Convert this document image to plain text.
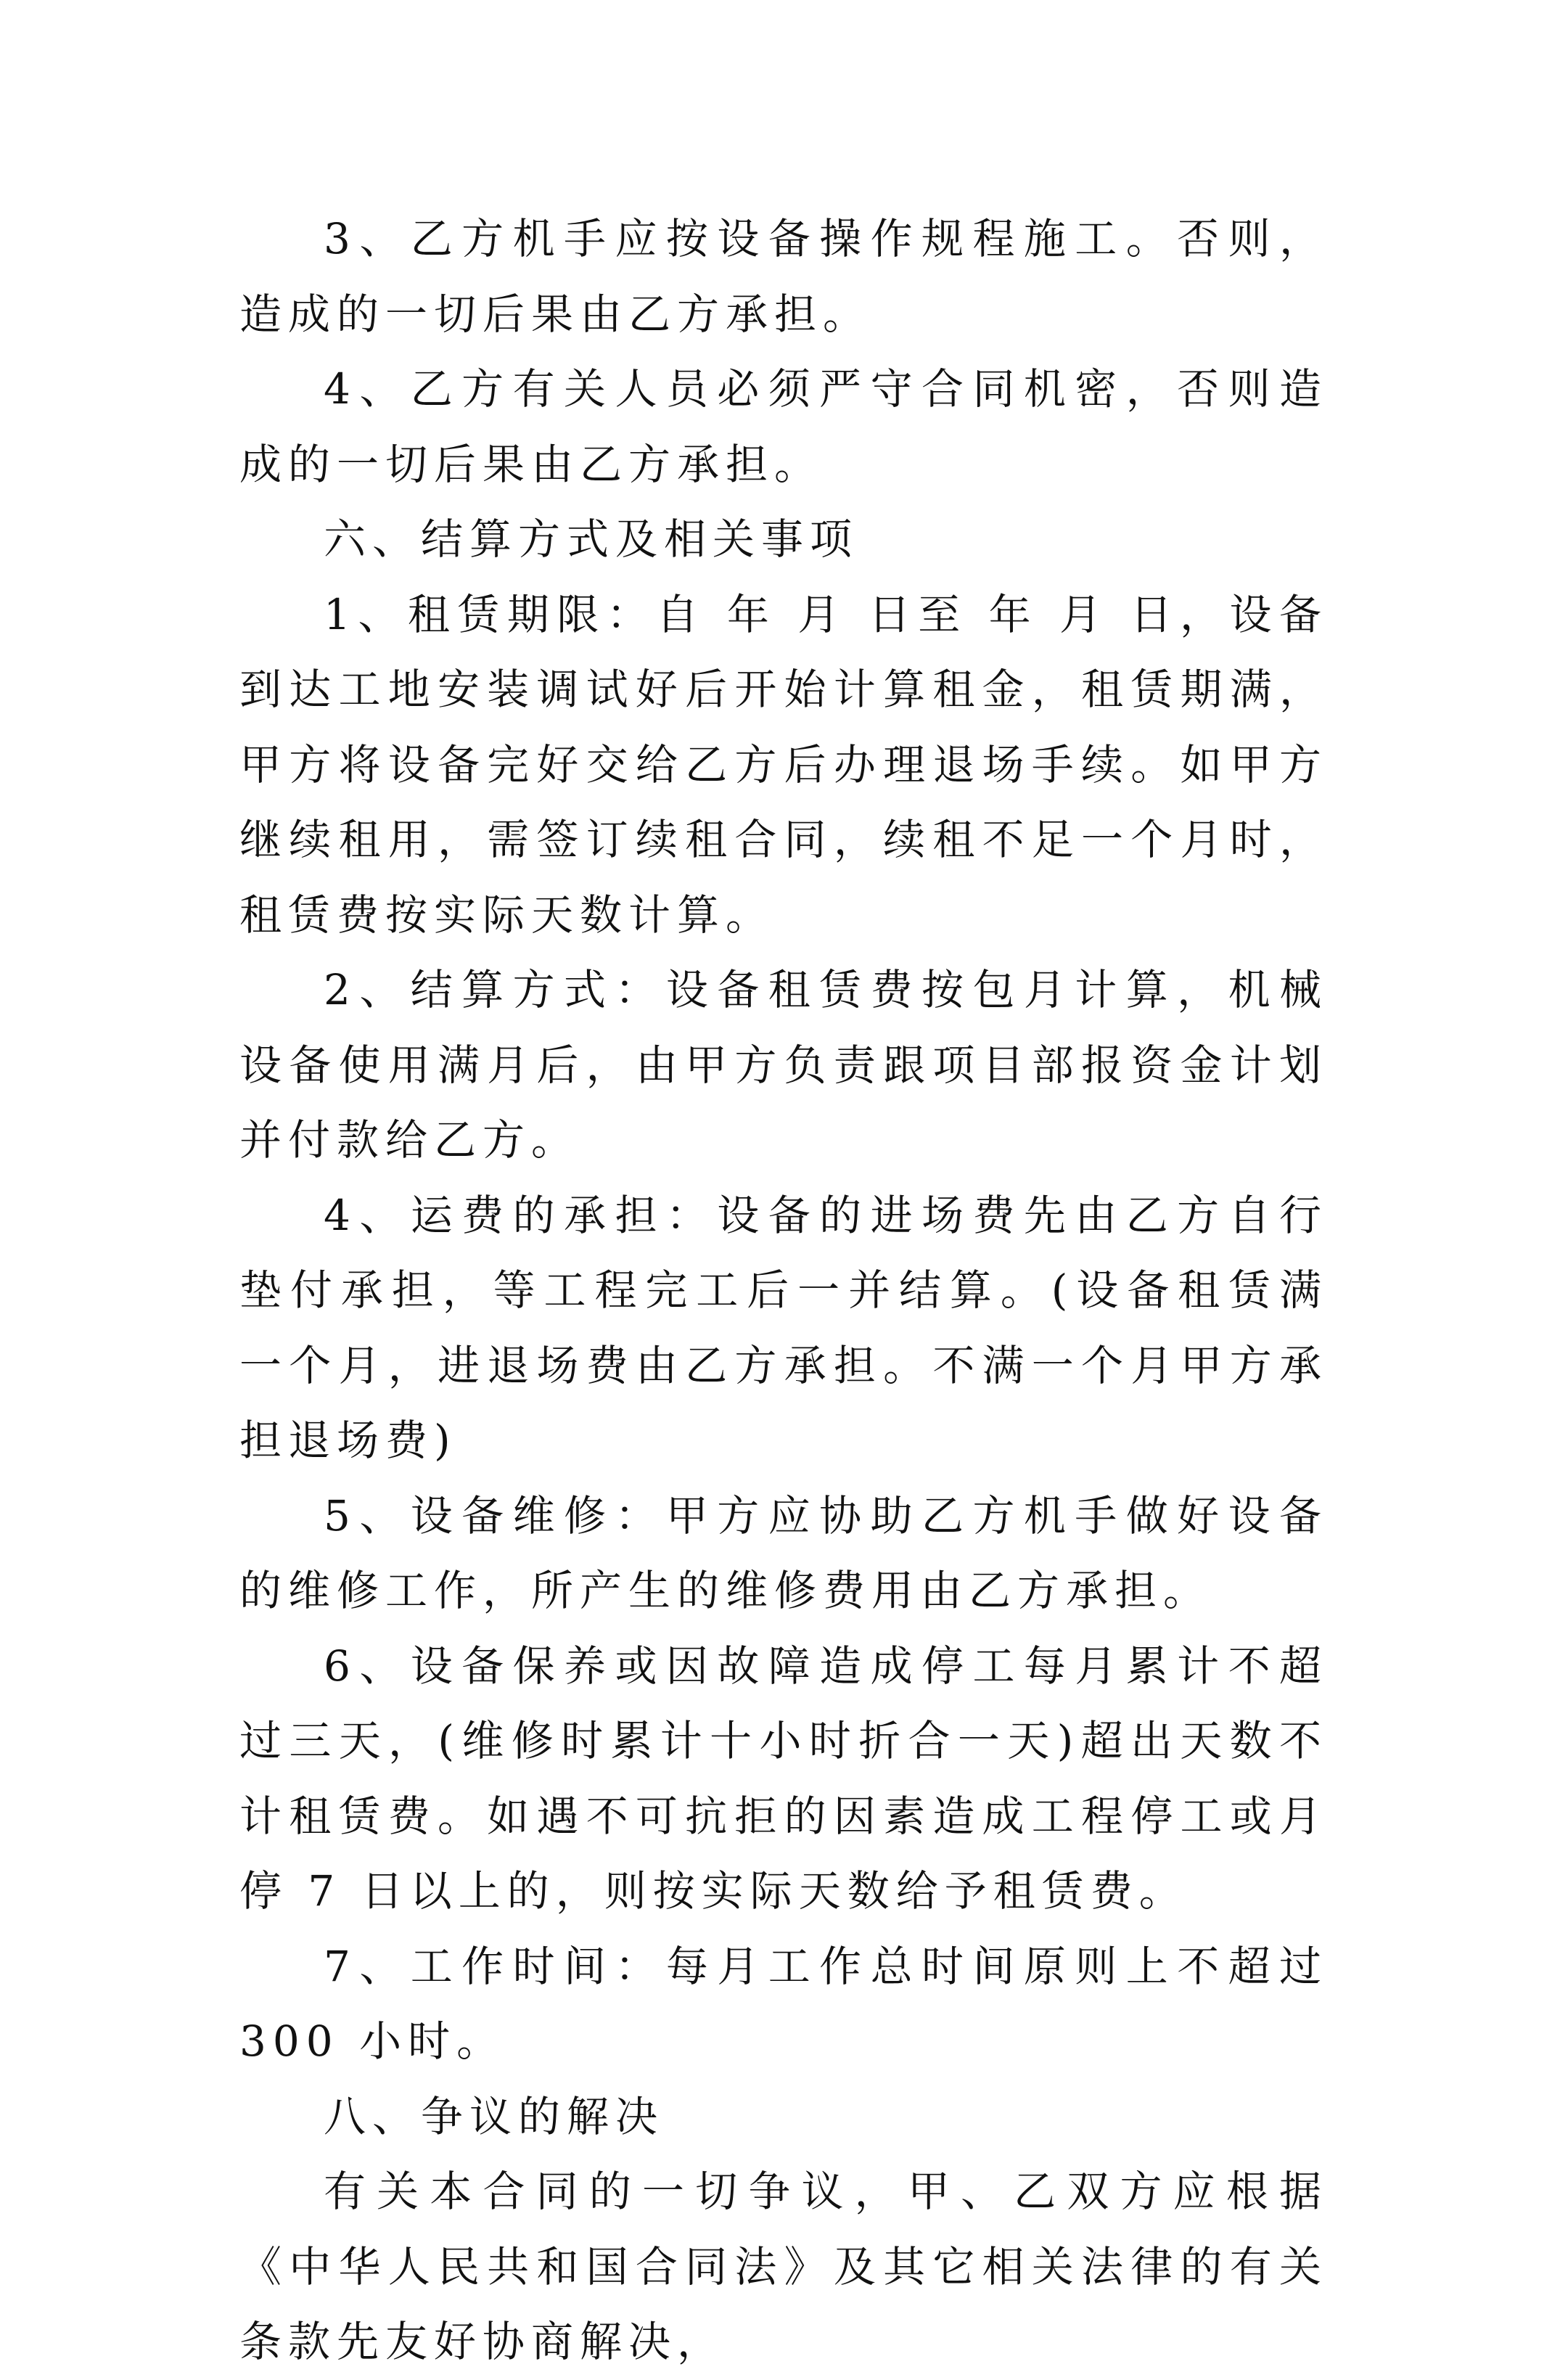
3、乙方机手应按设备操作规程施工。否则，造成的一切后果由乙方承担。

4、乙方有关人员必须严守合同机密，否则造成的一切后果由乙方承担。

六、结算方式及相关事项

1、租赁期限：自 年 月 日至 年 月 日，设备到达工地安装调试好后开始计算租金，租赁期满，甲方将设备完好交给乙方后办理退场手续。如甲方继续租用，需签订续租合同，续租不足一个月时，租赁费按实际天数计算。

2、结算方式：设备租赁费按包月计算，机械设备使用满月后，由甲方负责跟项目部报资金计划并付款给乙方。

4、运费的承担：设备的进场费先由乙方自行垫付承担，等工程完工后一并结算。(设备租赁满一个月，进退场费由乙方承担。不满一个月甲方承担退场费)

5、设备维修：甲方应协助乙方机手做好设备的维修工作，所产生的维修费用由乙方承担。

6、设备保养或因故障造成停工每月累计不超过三天，(维修时累计十小时折合一天)超出天数不计租赁费。如遇不可抗拒的因素造成工程停工或月停 7 日以上的，则按实际天数给予租赁费。

7、工作时间：每月工作总时间原则上不超过 300 小时。

八、争议的解决

有关本合同的一切争议，甲、乙双方应根据《中华人民共和国合同法》及其它相关法律的有关条款先友好协商解决，
